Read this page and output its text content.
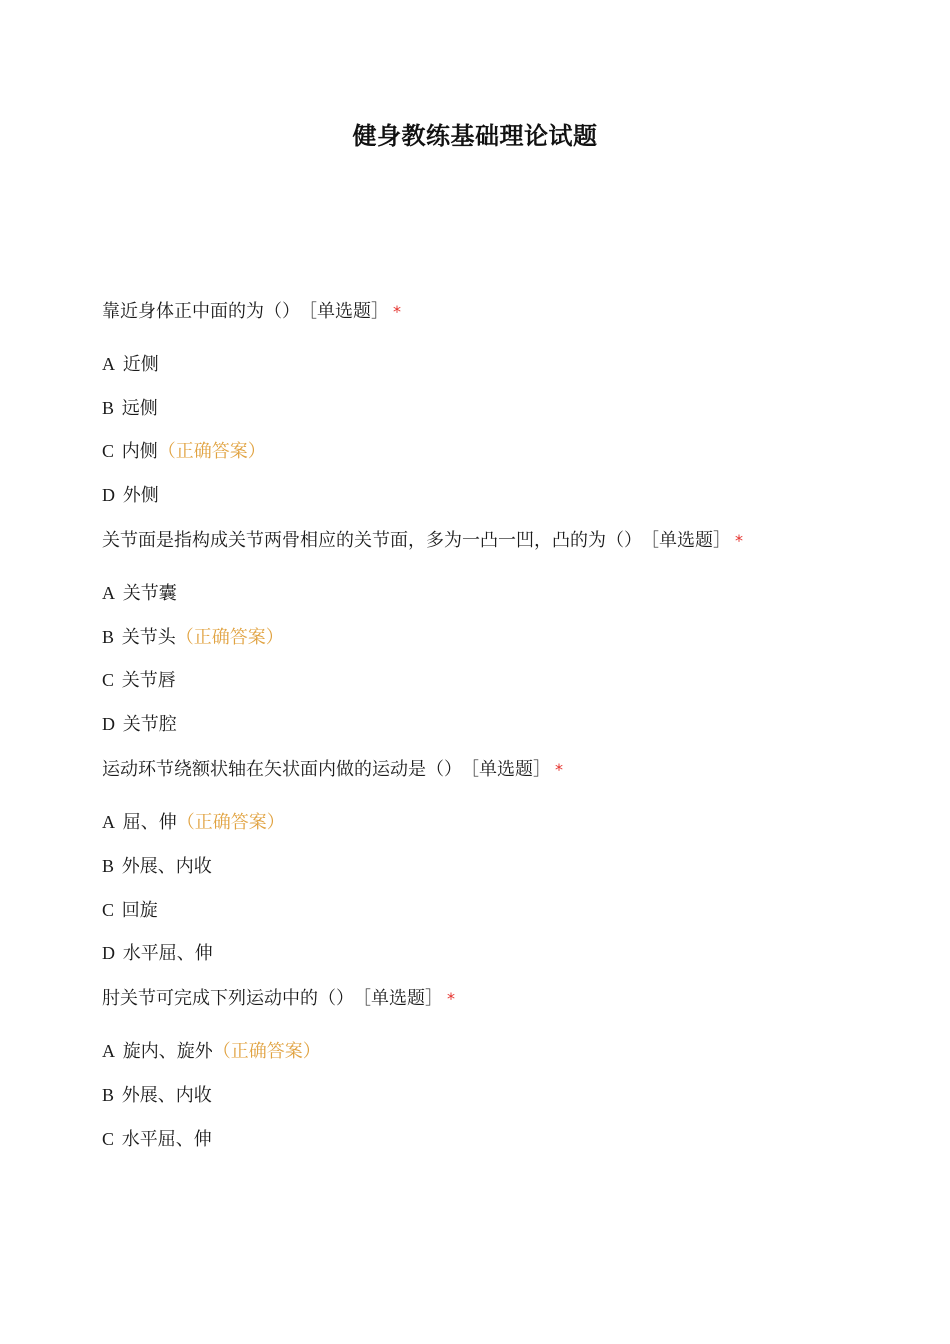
健身教练基础理论试题
靠近身体正中面的为（） ［单选题］ *
A 近侧
B 远侧
C 内侧（正确答案）
D 外侧
关节面是指构成关节两骨相应的关节面，多为一凸一凹，凸的为（） ［单选题］ *
A 关节囊
B 关节头（正确答案）
C 关节唇
D 关节腔
运动环节绕额状轴在矢状面内做的运动是（） ［单选题］ *
A 屈、伸（正确答案）
B 外展、内收
C 回旋
D 水平屈、伸
肘关节可完成下列运动中的（） ［单选题］ *
A 旋内、旋外（正确答案）
B 外展、内收
C 水平屈、伸
